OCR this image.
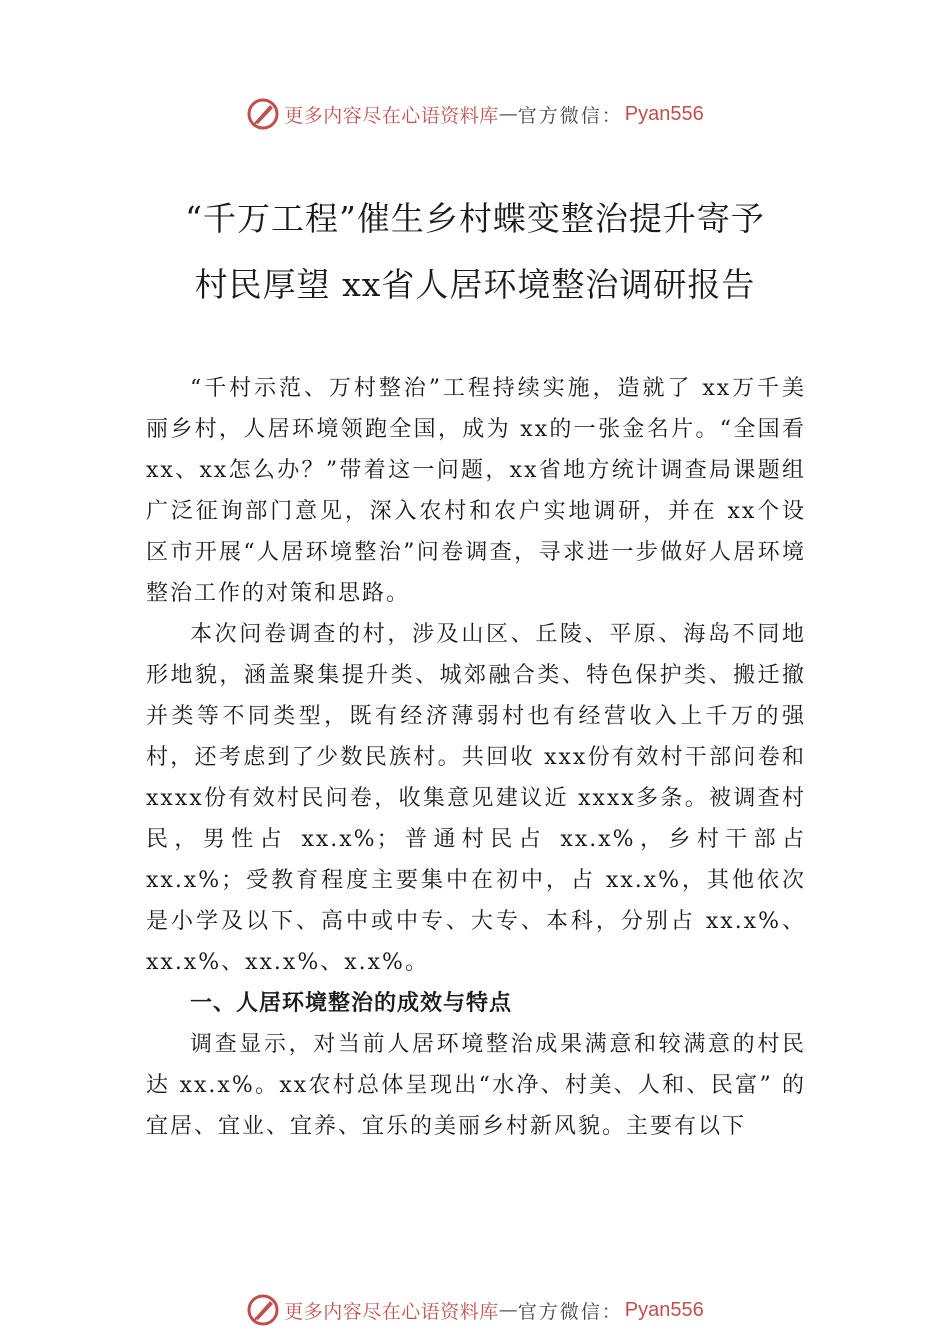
更多内容尽在心语资料库 — 官方微信： Pyan556
“千万工程”催生乡村蝶变整治提升寄予
村民厚望 xx省人居环境整治调研报告

“千村示范、万村整治”工程持续实施，造就了 xx万千美丽乡村，人居环境领跑全国，成为 xx的一张金名片。“全国看 xx、xx怎么办？”带着这一问题，xx省地方统计调查局课题组广泛征询部门意见，深入农村和农户实地调研，并在 xx个设区市开展“人居环境整治”问卷调查，寻求进一步做好人居环境整治工作的对策和思路。

本次问卷调查的村，涉及山区、丘陵、平原、海岛不同地形地貌，涵盖聚集提升类、城郊融合类、特色保护类、搬迁撤并类等不同类型，既有经济薄弱村也有经营收入上千万的强村，还考虑到了少数民族村。共回收 xxx份有效村干部问卷和 xxxx份有效村民问卷，收集意见建议近 xxxx多条。被调查村民，男性占 xx.x%；普通村民占 xx.x%，乡村干部占 xx.x%；受教育程度主要集中在初中，占 xx.x%，其他依次是小学及以下、高中或中专、大专、本科，分别占 xx.x%、xx.x%、xx.x%、x.x%。

一、人居环境整治的成效与特点

调查显示，对当前人居环境整治成果满意和较满意的村民达 xx.x%。xx农村总体呈现出“水净、村美、人和、民富” 的宜居、宜业、宜养、宜乐的美丽乡村新风貌。主要有以下

更多内容尽在心语资料库 — 官方微信： Pyan556
